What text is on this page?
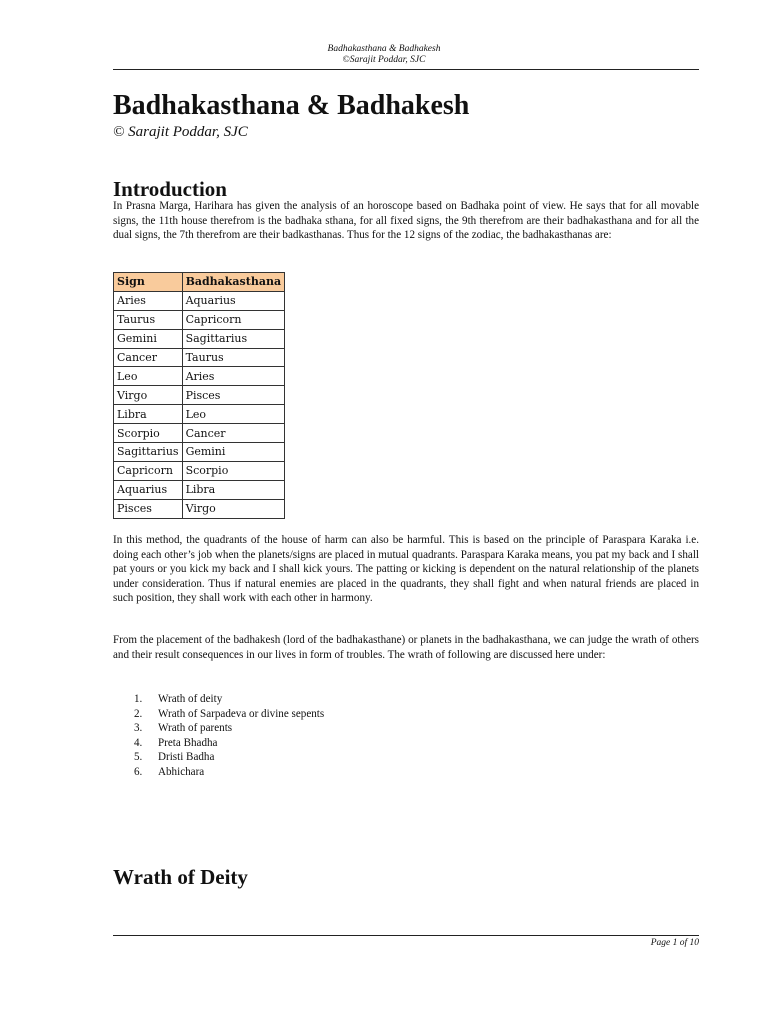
Badhakasthana & Badhakesh
©Sarajit Poddar, SJC
Badhakasthana & Badhakesh
© Sarajit Poddar, SJC
Introduction

In Prasna Marga, Harihara has given the analysis of an horoscope based on Badhaka point of view. He says that for all movable signs, the 11th house therefrom is the badhaka sthana, for all fixed signs, the 9th therefrom are their badhakasthana and for all the dual signs, the 7th therefrom are their badkasthanas. Thus for the 12 signs of the zodiac, the badhakasthanas are:

Sign	Badhakasthana
Aries	Aquarius
Taurus	Capricorn
Gemini	Sagittarius
Cancer	Taurus
Leo	Aries
Virgo	Pisces
Libra	Leo
Scorpio	Cancer
Sagittarius	Gemini
Capricorn	Scorpio
Aquarius	Libra
Pisces	Virgo

In this method, the quadrants of the house of harm can also be harmful. This is based on the principle of Paraspara Karaka i.e. doing each other’s job when the planets/signs are placed in mutual quadrants. Paraspara Karaka means, you pat my back and I shall pat yours or you kick my back and I shall kick yours. The patting or kicking is dependent on the natural relationship of the planets under consideration. Thus if natural enemies are placed in the quadrants, they shall fight and when natural friends are placed in such position, they shall work with each other in harmony.

From the placement of the badhakesh (lord of the badhakasthane) or planets in the badhakasthana, we can judge the wrath of others and their result consequences in our lives in form of troubles. The wrath of following are discussed here under:

1. Wrath of deity
2. Wrath of Sarpadeva or divine sepents
3. Wrath of parents
4. Preta Bhadha
5. Dristi Badha
6. Abhichara
Wrath of Deity
Page 1 of 10
